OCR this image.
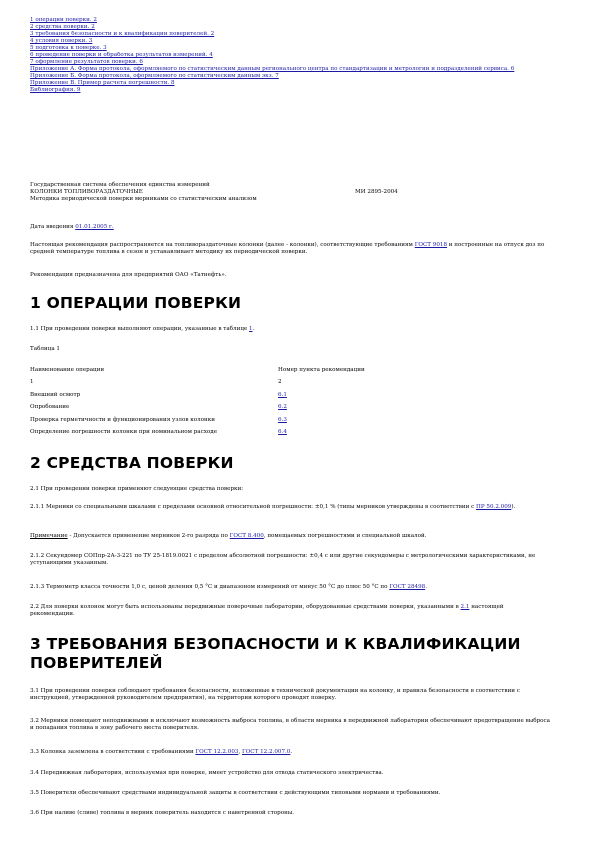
1 операции поверки. 2
2 средства поверки. 2
3 требования безопасности и к квалификации поверителей. 2
4 условия поверки. 3
5 подготовка к поверке. 3
6 проведение поверки и обработка результатов измерений. 4
7 оформление результатов поверки. 6
Приложение А. Форма протокола, оформляемого по статистическим данным регионального центра по стандартизации и метрологии и подразделений сервиса. 6
Приложение Б. Форма протокола, оформляемого по статистическим данным экз. 7
Приложение В. Пример расчета погрешности. 8
Библиография. 9
Государственная система обеспечения единства измерений
КОЛОНКИ ТОПЛИВОРАЗДАТОЧНЫЕ	МИ 2895-2004
Методика периодической поверки мерниками со статистическим анализом
Дата введения 01.01.2005 г.
Настоящая рекомендация распространяется на топливораздаточные колонки (далее - колонки), соответствующие требованиям ГОСТ 9018 и построенные на отпуск доз по средней температуре топлива в сезон и устанавливает методику их периодической поверки.
Рекомендация предназначена для предприятий ОАО «Татнефть».
1 ОПЕРАЦИИ ПОВЕРКИ
1.1 При проведении поверки выполняют операции, указанные в таблице 1.
Таблица 1
Наименование операции	Номер пункта рекомендации
1	2
Внешний осмотр	6.1
Опробование	6.2
Проверка герметичности и функционирования узлов колонки	6.3
Определение погрешности колонки при номинальном расходе	6.4
2 СРЕДСТВА ПОВЕРКИ
2.1 При проведении поверки применяют следующие средства поверки:
2.1.1 Мерники со специальными шкалами с пределами основной относительной погрешности: ±0,1 % (типы мерников утверждены в соответствии с ПР 50.2.009).
Примечание - Допускается применение мерников 2-го разряда по ГОСТ 8.400, помещаемых погрешностями и специальной шкалой.
2.1.2 Секундомер СОПпр-2А-3-221 по ТУ 25-1819.0021 с пределом абсолютной погрешности: ±0,4 с или другие секундомеры с метрологическими характеристиками, не уступающими указанным.
2.1.3 Термометр класса точности 1,0 с, ценой деления 0,5 °С и диапазоном измерений от минус 50 °С до плюс 50 °С по ГОСТ 28498.
2.2 Для поверки колонок могут быть использованы передвижные поверочные лаборатории, оборудованные средствами поверки, указанными в 2.1 настоящей рекомендации.
3 ТРЕБОВАНИЯ БЕЗОПАСНОСТИ И К КВАЛИФИКАЦИИ ПОВЕРИТЕЛЕЙ
3.1 При проведении поверки соблюдают требования безопасности, изложенные в технической документации на колонку, и правила безопасности в соответствии с инструкцией, утвержденной руководителем предприятия), на территории которого проводят поверку.
3.2 Мерники помещают неподвижными и исключают возможность выброса топлива, в области мерника в передвижной лаборатории обеспечивают предотвращение выброса и попадания топлива в зону рабочего места поверителя.
3.3 Колонка заземлена в соответствии с требованиями ГОСТ 12.2.003, ГОСТ 12.2.007.0.
3.4 Передвижная лаборатория, используемая при поверке, имеет устройство для отвода статического электричества.
3.5 Поверители обеспечивают средствами индивидуальной защиты в соответствии с действующими типовыми нормами и требованиями.
3.6 При наливе (сливе) топлива в мерник поверитель находится с наветренной стороны.
